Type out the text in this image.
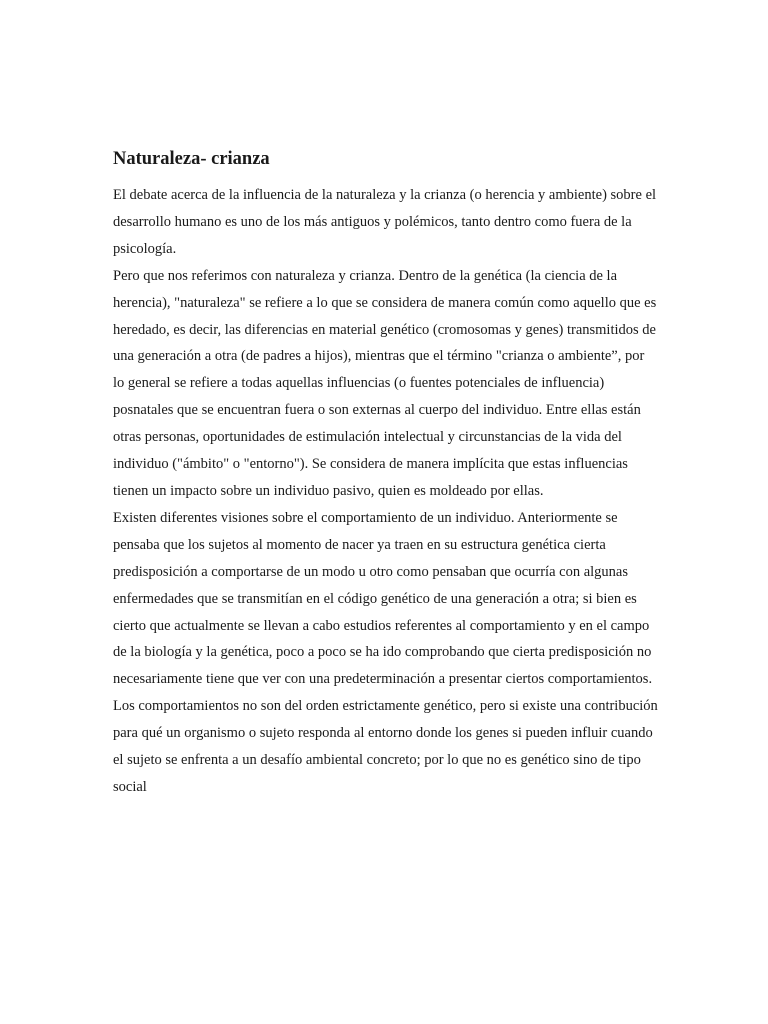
Naturaleza- crianza

El debate acerca de la influencia de la naturaleza y la crianza (o herencia y ambiente) sobre el desarrollo humano es uno de los más antiguos y polémicos, tanto dentro como fuera de la psicología.

Pero que nos referimos con naturaleza y crianza. Dentro de la genética (la ciencia de la herencia), "naturaleza" se refiere a lo que se considera de manera común como aquello que es heredado, es decir, las diferencias en material genético (cromosomas y genes) transmitidos de una generación a otra (de padres a hijos), mientras que el término "crianza o ambiente”, por lo general se refiere a todas aquellas influencias (o fuentes potenciales de influencia) posnatales que se encuentran fuera o son externas al cuerpo del individuo. Entre ellas están otras personas, oportunidades de estimulación intelectual y circunstancias de la vida del individuo ("ámbito" o "entorno"). Se considera de manera implícita que estas influencias tienen un impacto sobre un individuo pasivo, quien es moldeado por ellas.

Existen diferentes visiones sobre el comportamiento de un individuo. Anteriormente se pensaba que los sujetos al momento de nacer ya traen en su estructura genética cierta predisposición a comportarse de un modo u otro como pensaban que ocurría con algunas enfermedades que se transmitían en el código genético de una generación a otra; si bien es cierto que actualmente se llevan a cabo estudios referentes al comportamiento y en el campo de la biología y la genética, poco a poco se ha ido comprobando que cierta predisposición no necesariamente tiene que ver con una predeterminación a presentar ciertos comportamientos.

Los comportamientos no son del orden estrictamente genético, pero si existe una contribución para qué un organismo o sujeto responda al entorno donde los genes si pueden influir cuando el sujeto se enfrenta a un desafío ambiental concreto; por lo que no es genético sino de tipo social
